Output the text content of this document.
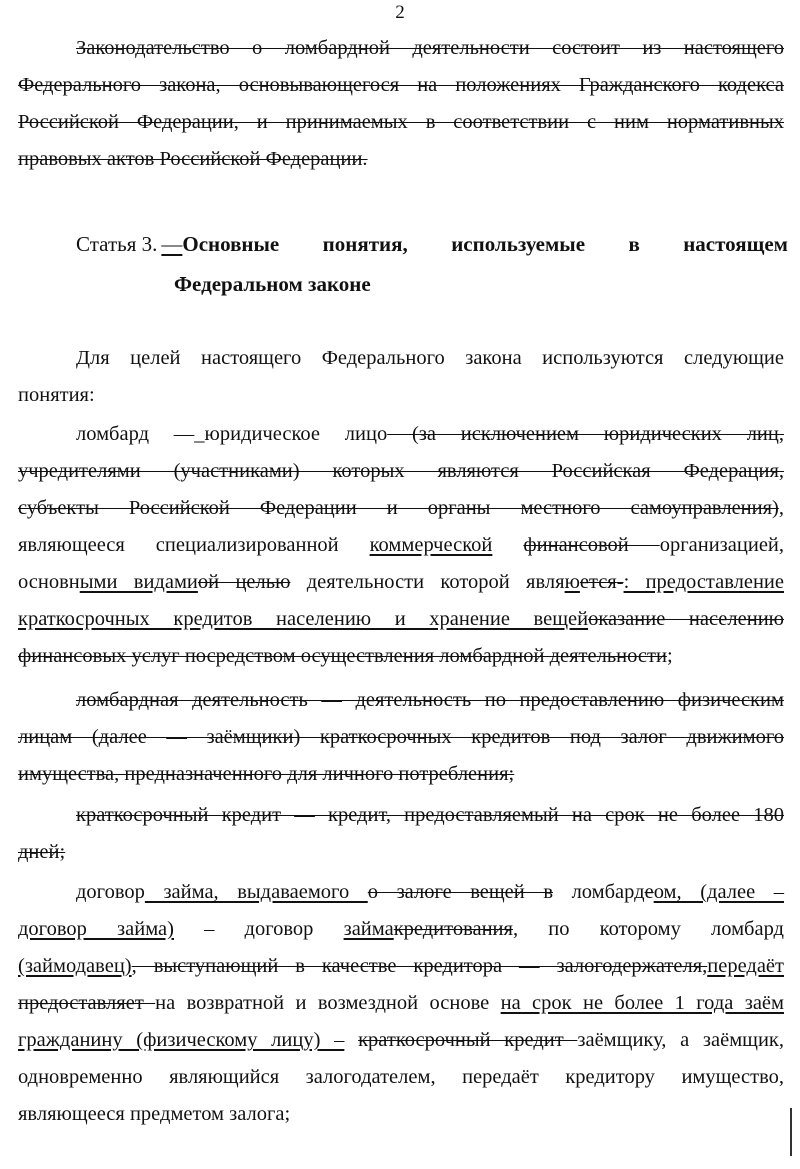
2
Законодательство о ломбардной деятельности состоит из настоящего
Федерального закона, основывающегося на положениях Гражданского кодекса
Российской Федерации, и принимаемых в соответствии с ним нормативных
правовых актов Российской Федерации.
Статья 3. —Основные понятия, используемые в настоящем
Федеральном законе
Для целей настоящего Федерального закона используются следующие
понятия:
ломбард —_юридическое лицо (за исключением юридических лиц,
учредителями (участниками) которых являются Российская Федерация,
субъекты Российской Федерации и органы местного самоуправления),
являющееся специализированной коммерческой финансовой организацией,
основными видамиой целью деятельности которой являюется-: предоставление
краткосрочных кредитов населению и хранение вещейоказание населению
финансовых услуг посредством осуществления ломбардной деятельности;
ломбардная деятельность — деятельность по предоставлению физическим
лицам (далее — заёмщики) краткосрочных кредитов под залог движимого
имущества, предназначенного для личного потребления;
краткосрочный кредит — кредит, предоставляемый на срок не более 180
дней;
договор займа, выдаваемого о залоге вещей в ломбардеом, (далее –
договор займа) – договор займакредитования, по которому ломбард
(займодавец), выступающий в качестве кредитора — залогодержателя,передаёт
предоставляет на возвратной и возмездной основе на срок не более 1 года заём
гражданину (физическому лицу) – краткосрочный кредит заёмщику, а заёмщик,
одновременно являющийся залогодателем, передаёт кредитору имущество,
являющееся предметом залога;
